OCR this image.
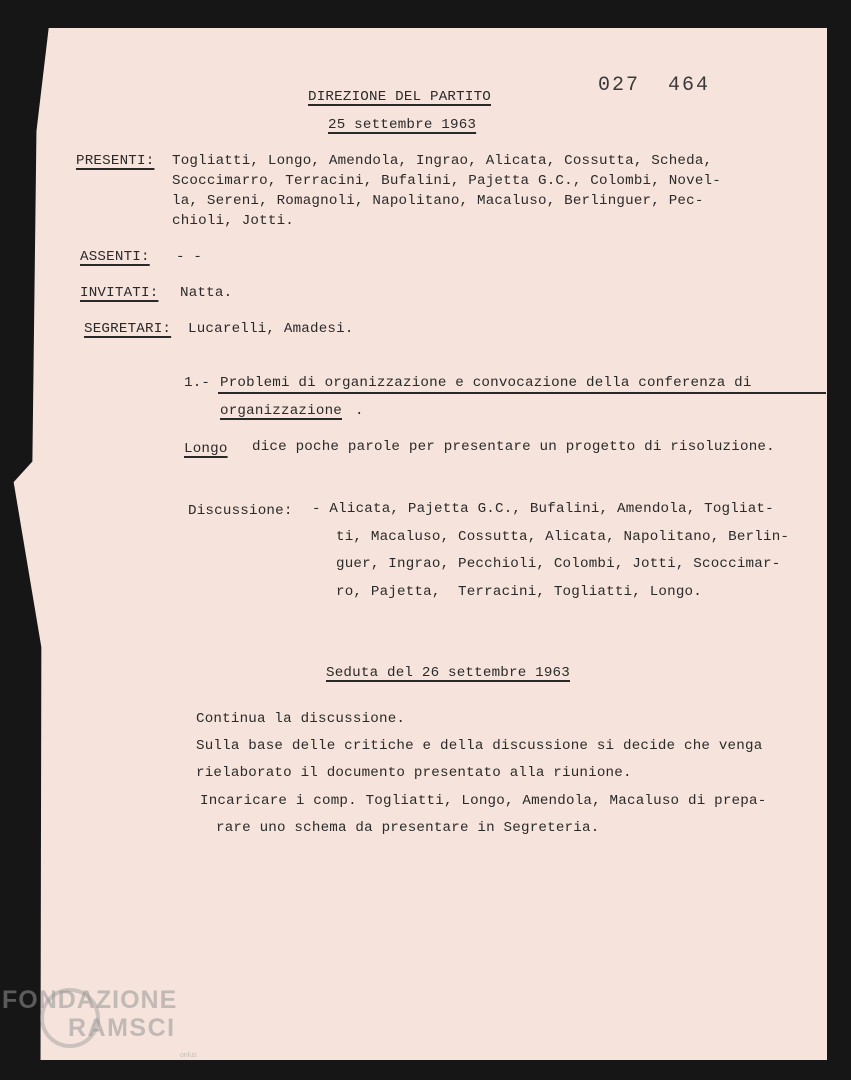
DIREZIONE DEL PARTITO	027  464
25 settembre 1963
PRESENTI: Togliatti, Longo, Amendola, Ingrao, Alicata, Cossutta, Scheda,
Scoccimarro, Terracini, Bufalini, Pajetta G.C., Colombi, Novel-
la, Sereni, Romagnoli, Napolitano, Macaluso, Berlinguer, Pec-
chioli, Jotti.
ASSENTI: - -
INVITATI: Natta.
SEGRETARI: Lucarelli, Amadesi.
1.- Problemi di organizzazione e convocazione della conferenza di
organizzazione .
Longo dice poche parole per presentare un progetto di risoluzione.
Discussione: - Alicata, Pajetta G.C., Bufalini, Amendola, Togliat-
ti, Macaluso, Cossutta, Alicata, Napolitano, Berlin-
guer, Ingrao, Pecchioli, Colombi, Jotti, Scoccimar-
ro, Pajetta,  Terracini, Togliatti, Longo.
Seduta del 26 settembre 1963
Continua la discussione.
Sulla base delle critiche e della discussione si decide che venga
rielaborato il documento presentato alla riunione.
Incaricare i comp. Togliatti, Longo, Amendola, Macaluso di prepa-
rare uno schema da presentare in Segreteria.
FONDAZIONE
RAMSCI
onlus
